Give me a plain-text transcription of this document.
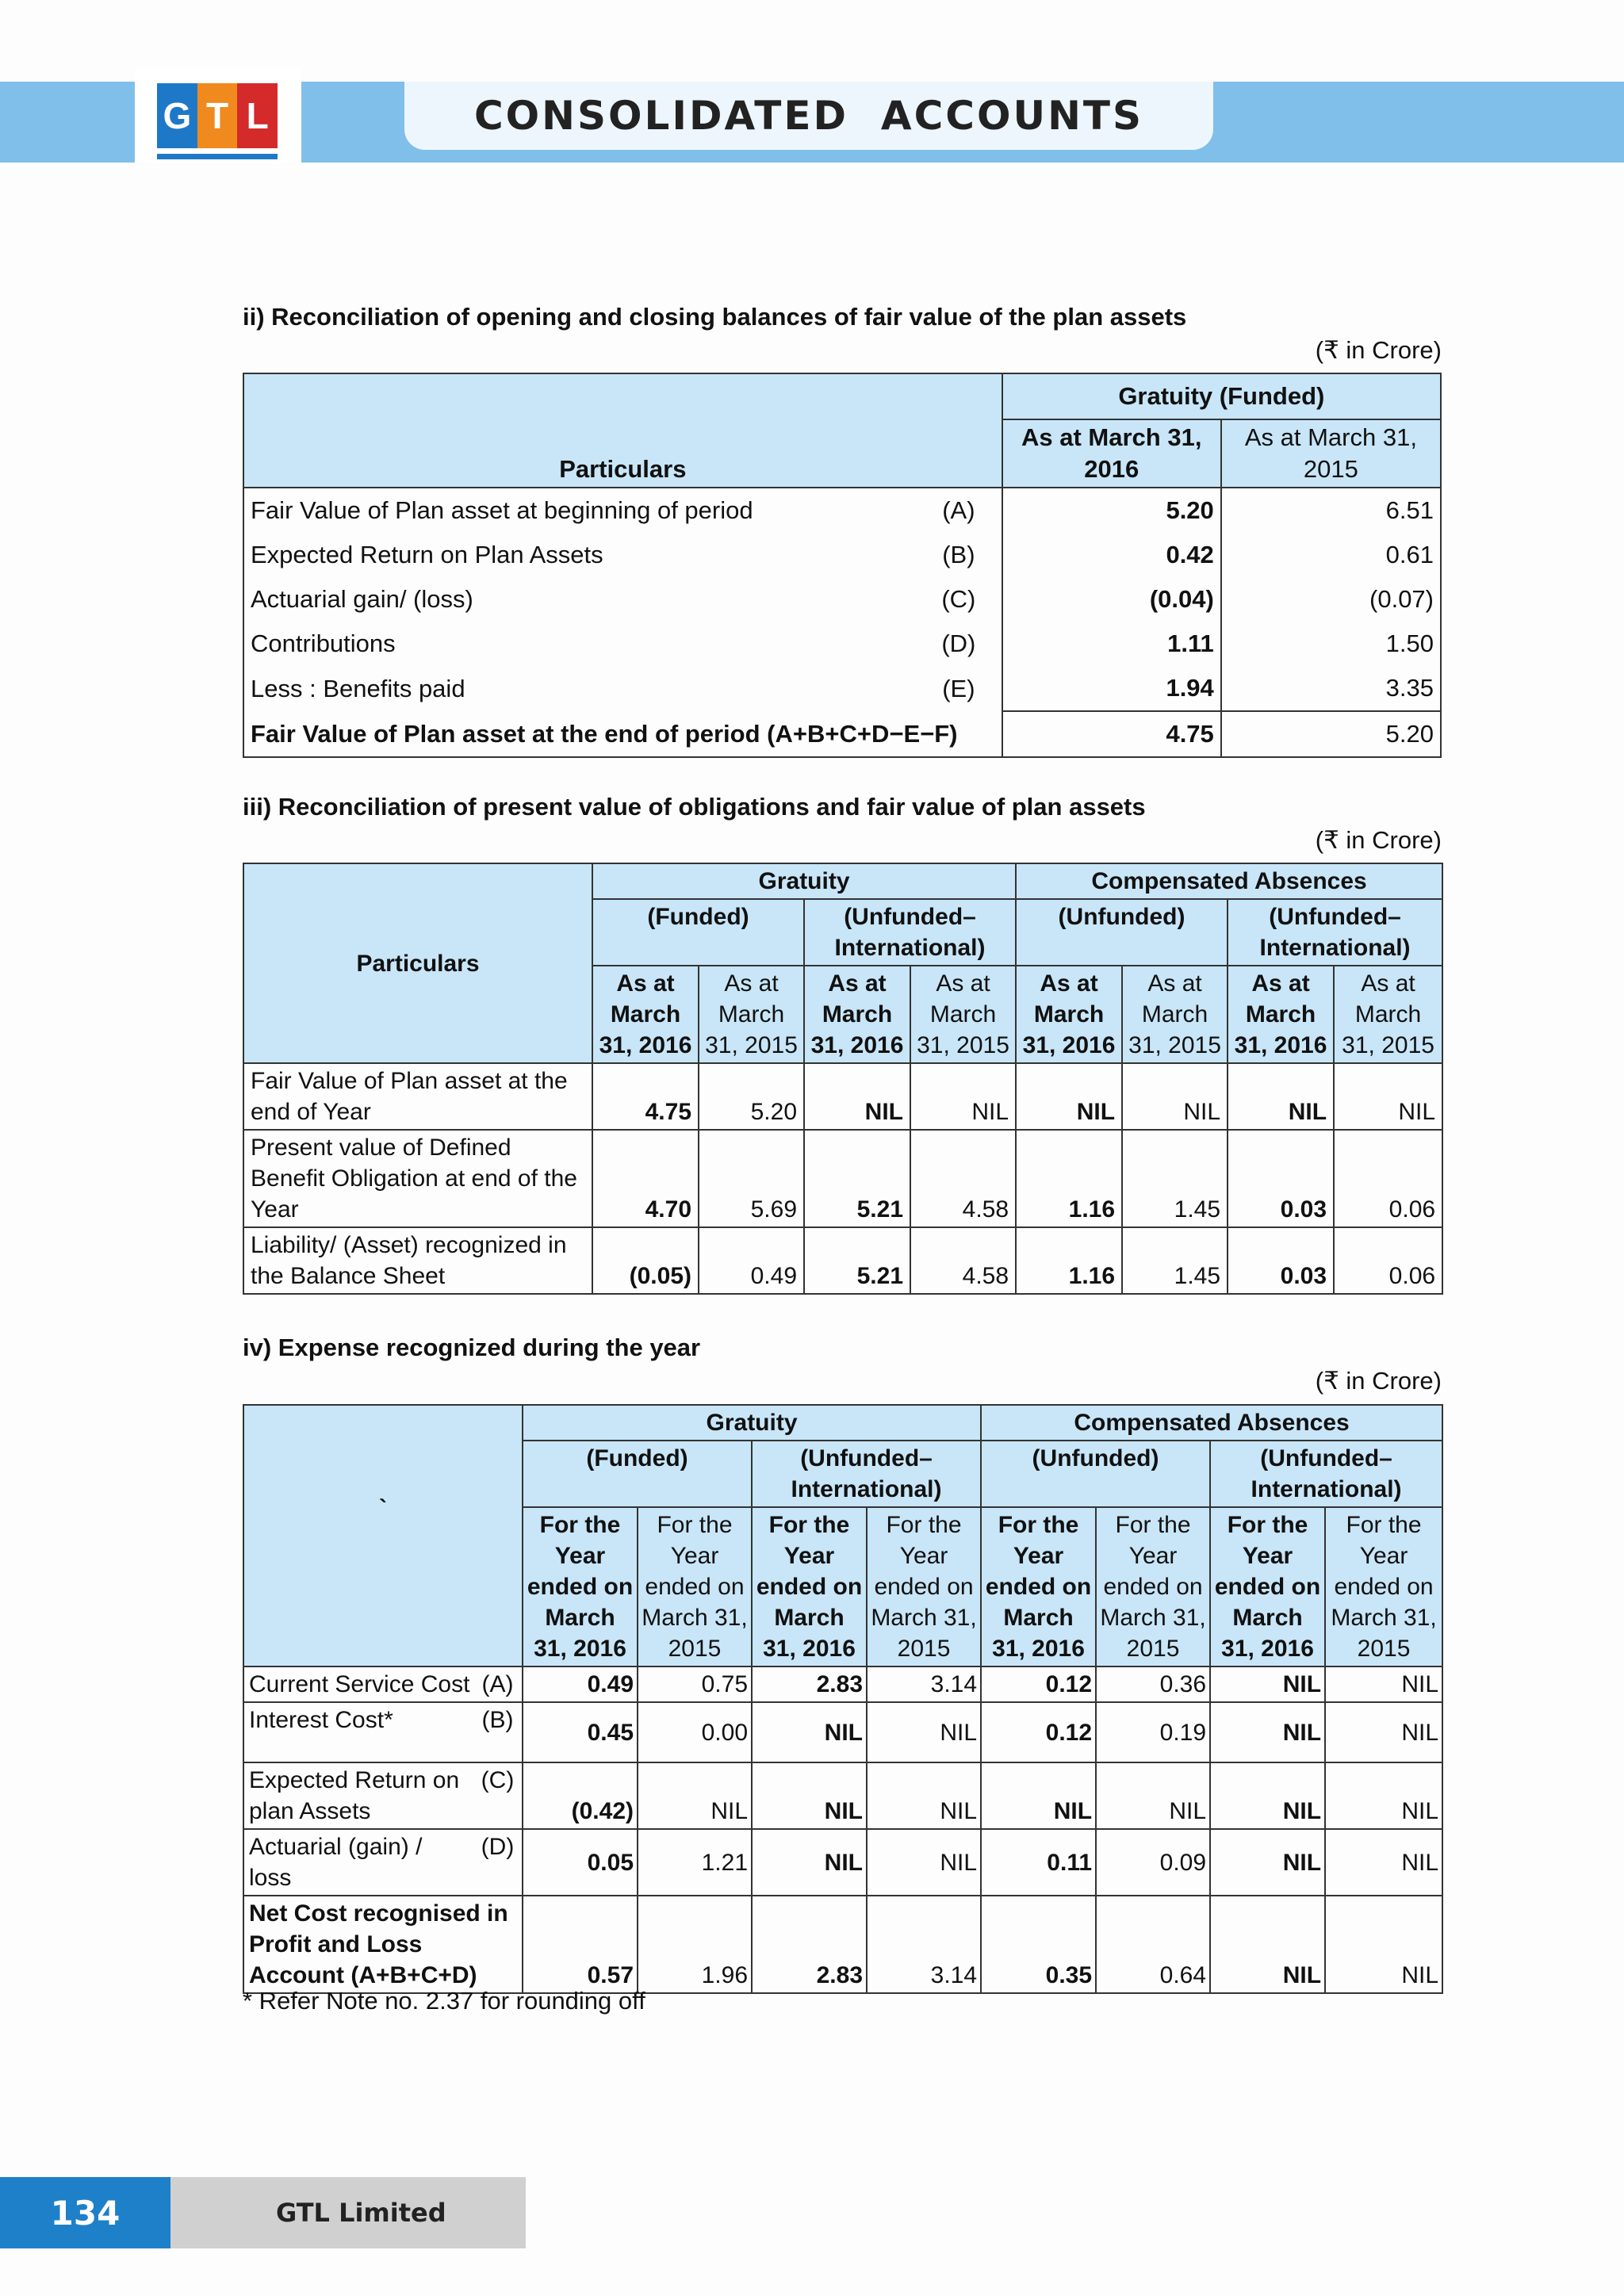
G T L	CONSOLIDATED  ACCOUNTS
ii) Reconciliation of opening and closing balances of fair value of the plan assets
(₹ in Crore)
Particulars		Gratuity (Funded)	
		As at March 31, 2016	As at March 31, 2015
Fair Value of Plan asset at beginning of period	(A)	5.20	6.51
Expected Return on Plan Assets	(B)	0.42	0.61
Actuarial gain/ (loss)	(C)	(0.04)	(0.07)
Contributions	(D)	1.11	1.50
Less : Benefits paid	(E)	1.94	3.35
Fair Value of Plan asset at the end of period (A+B+C+D−E−F)		4.75	5.20
iii) Reconciliation of present value of obligations and fair value of plan assets
(₹ in Crore)
Particulars	Gratuity				Compensated Absences			
	(Funded)		(Unfunded– International)		(Unfunded)		(Unfunded– International)	
	As at March 31, 2016	As at March 31, 2015	As at March 31, 2016	As at March 31, 2015	As at March 31, 2016	As at March 31, 2015	As at March 31, 2016	As at March 31, 2015
Fair Value of Plan asset at the end of Year	4.75	5.20	NIL	NIL	NIL	NIL	NIL	NIL
Present value of Defined Benefit Obligation at end of the Year	4.70	5.69	5.21	4.58	1.16	1.45	0.03	0.06
Liability/ (Asset) recognized in the Balance Sheet	(0.05)	0.49	5.21	4.58	1.16	1.45	0.03	0.06
iv) Expense recognized during the year
(₹ in Crore)
`		Gratuity				Compensated Absences			
		(Funded)		(Unfunded– International)		(Unfunded)		(Unfunded– International)	
		For the Year ended on March 31, 2016	For the Year ended on March 31, 2015	For the Year ended on March 31, 2016	For the Year ended on March 31, 2015	For the Year ended on March 31, 2016	For the Year ended on March 31, 2015	For the Year ended on March 31, 2016	For the Year ended on March 31, 2015
Current Service Cost	(A)	0.49	0.75	2.83	3.14	0.12	0.36	NIL	NIL
Interest Cost*	(B)	0.45	0.00	NIL	NIL	0.12	0.19	NIL	NIL
Expected Return on plan Assets	(C)	(0.42)	NIL	NIL	NIL	NIL	NIL	NIL	NIL
Actuarial (gain) / loss	(D)	0.05	1.21	NIL	NIL	0.11	0.09	NIL	NIL
Net Cost recognised in Profit and Loss Account (A+B+C+D)		0.57	1.96	2.83	3.14	0.35	0.64	NIL	NIL
* Refer Note no. 2.37 for rounding off
134	GTL Limited
